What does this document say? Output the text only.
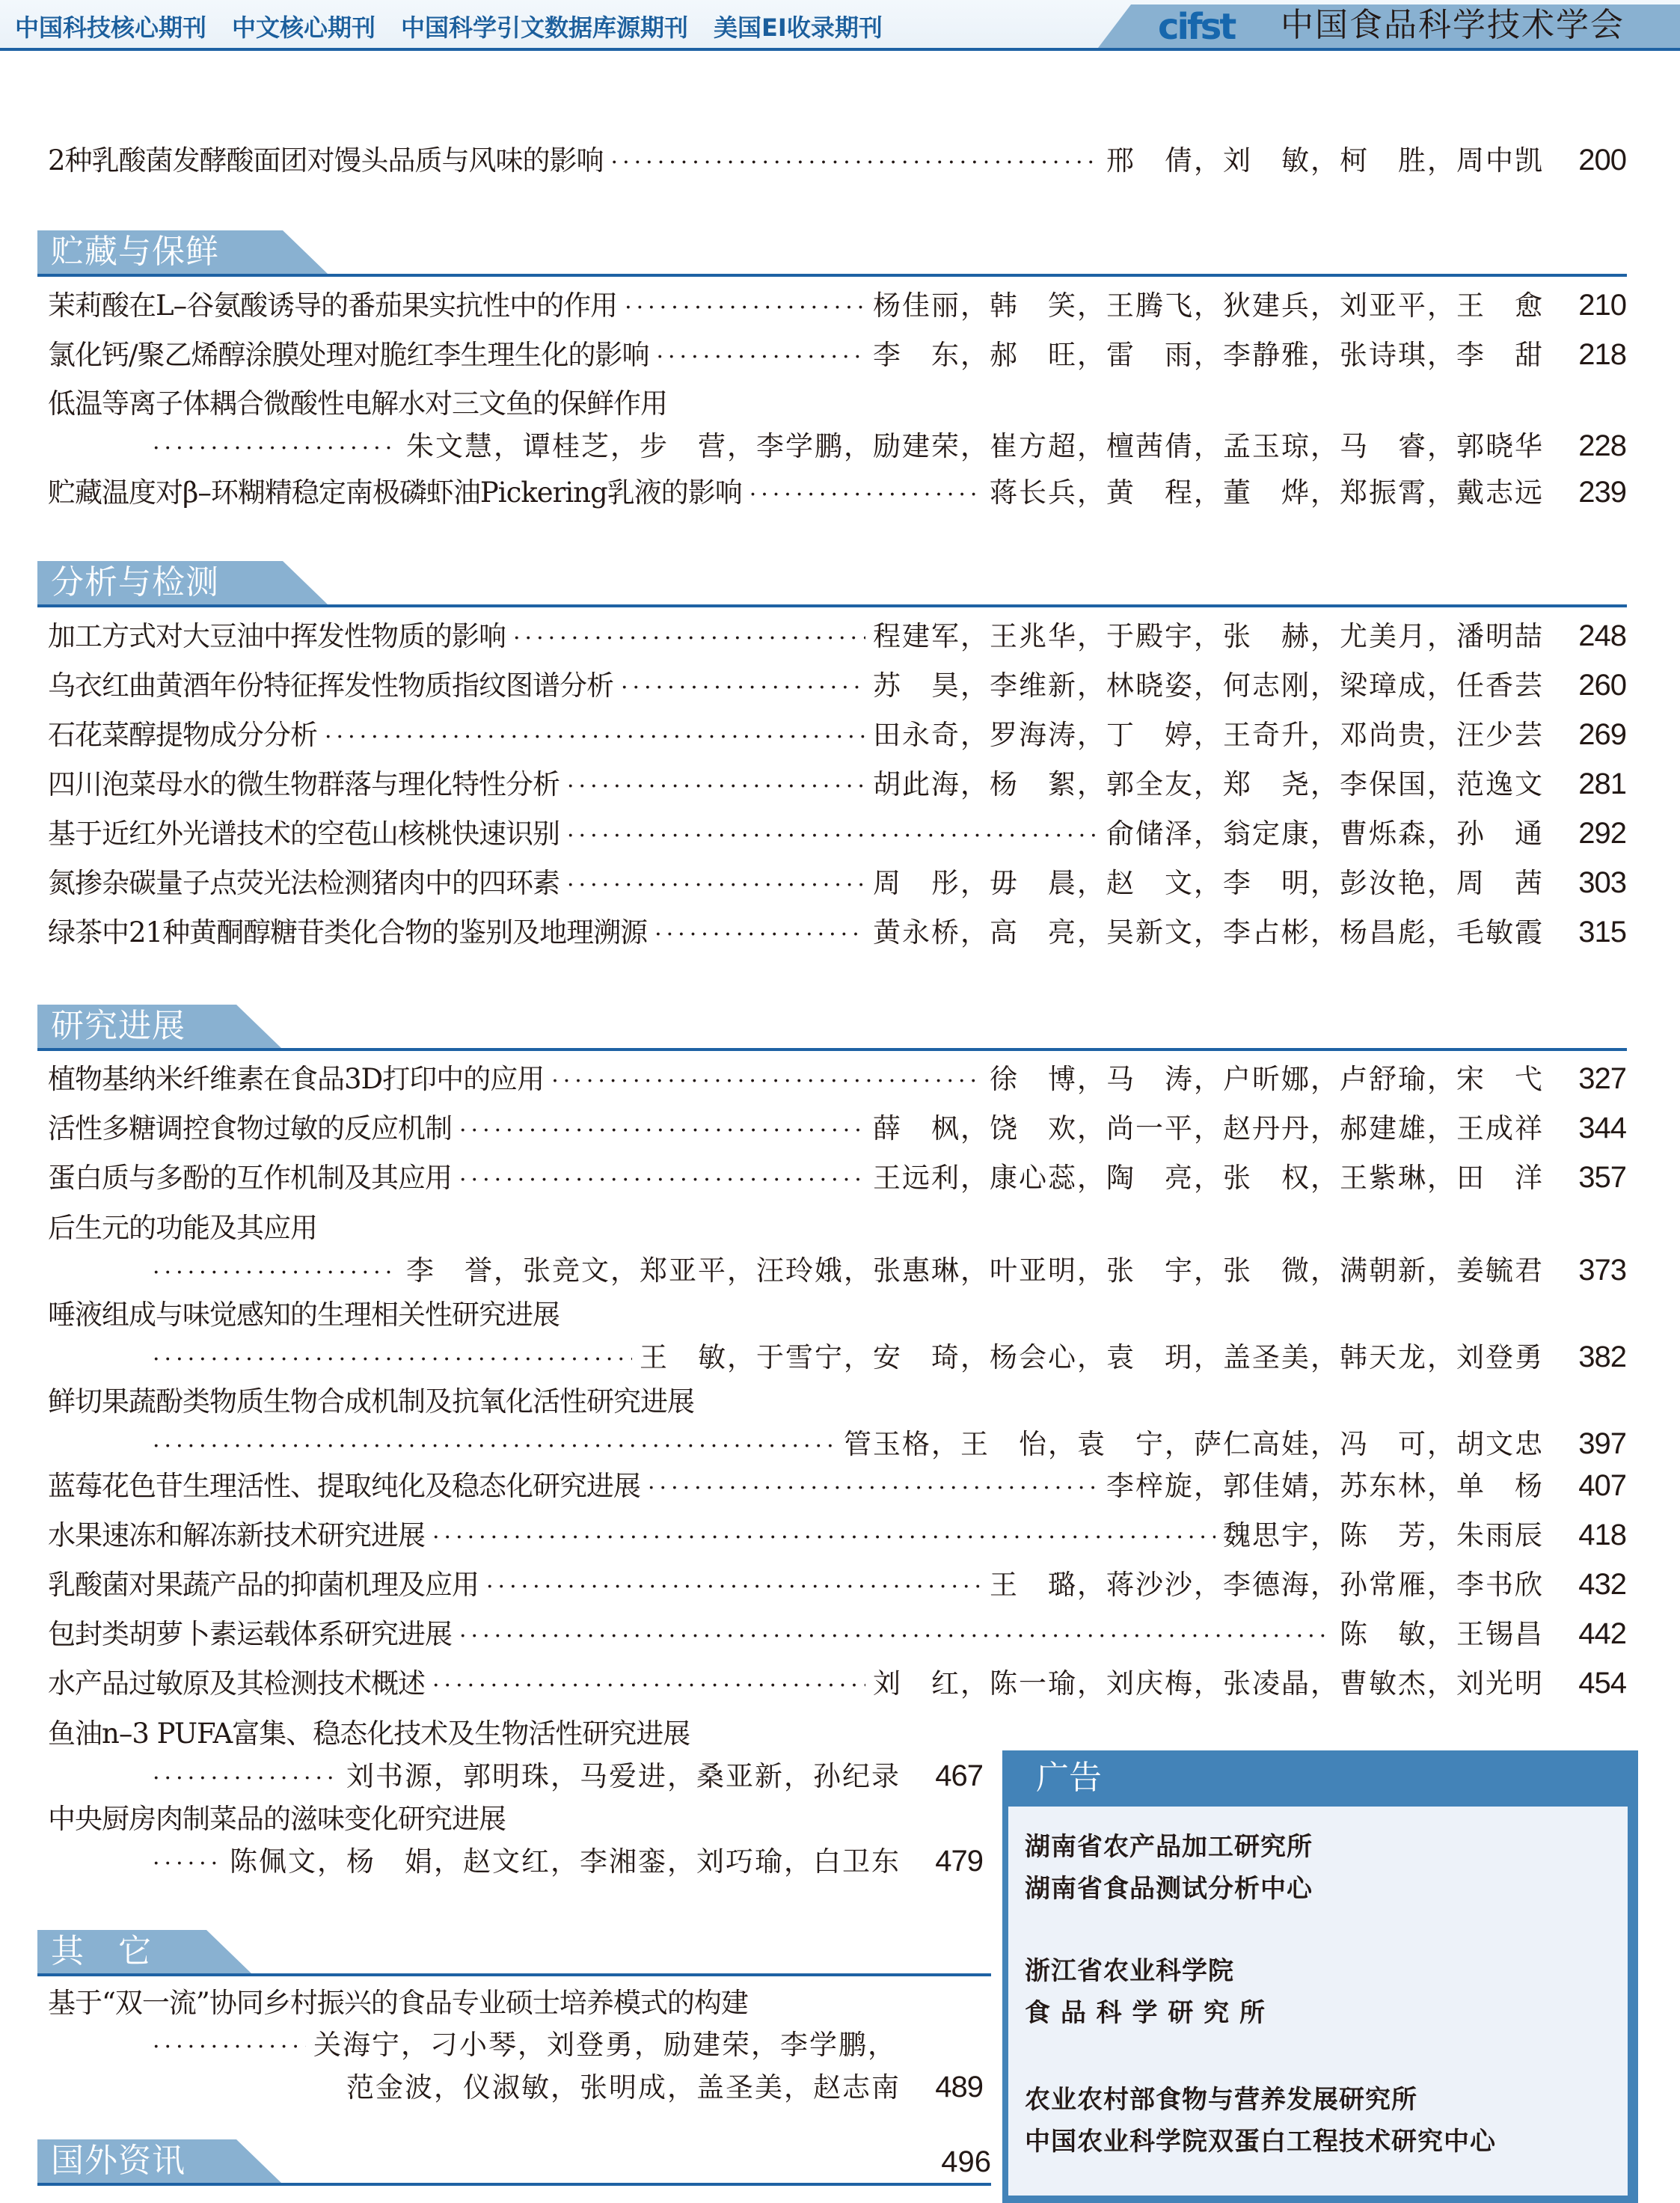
中国科技核心期刊 中文核心期刊 中国科学引文数据库源期刊 美国EI收录期刊	cifst 中国食品科学技术学会
2种乳酸菌发酵酸面团对馒头品质与风味的影响 ·····	邢　倩，刘　敏，柯　胜，周中凯	200
贮藏与保鲜
茉莉酸在L–谷氨酸诱导的番茄果实抗性中的作用 ·····	杨佳丽，韩　笑，王腾飞，狄建兵，刘亚平，王　愈	210
氯化钙/聚乙烯醇涂膜处理对脆红李生理生化的影响 ·····	李　东，郝　旺，雷　雨，李静雅，张诗琪，李　甜	218
低温等离子体耦合微酸性电解水对三文鱼的保鲜作用
·····
朱文慧，谭桂芝，步　营，李学鹏，励建荣，崔方超，檀茜倩，孟玉琼，马　睿，郭晓华	228
贮藏温度对β–环糊精稳定南极磷虾油Pickering乳液的影响 ·····	蒋长兵，黄　程，董　烨，郑振霄，戴志远	239
分析与检测
加工方式对大豆油中挥发性物质的影响 ·····	程建军，王兆华，于殿宇，张　赫，尤美月，潘明喆	248
乌衣红曲黄酒年份特征挥发性物质指纹图谱分析 ·····	苏　昊，李维新，林晓姿，何志刚，梁璋成，任香芸	260
石花菜醇提物成分分析 ·····	田永奇，罗海涛，丁　婷，王奇升，邓尚贵，汪少芸	269
四川泡菜母水的微生物群落与理化特性分析 ·····	胡此海，杨　絮，郭全友，郑　尧，李保国，范逸文	281
基于近红外光谱技术的空苞山核桃快速识别 ·····	俞储泽，翁定康，曹烁森，孙　通	292
氮掺杂碳量子点荧光法检测猪肉中的四环素 ·····	周　彤，毋　晨，赵　文，李　明，彭汝艳，周　茜	303
绿茶中21种黄酮醇糖苷类化合物的鉴别及地理溯源 ·····	黄永桥，高　亮，吴新文，李占彬，杨昌彪，毛敏霞	315
研究进展
植物基纳米纤维素在食品3D打印中的应用 ·····	徐　博，马　涛，户昕娜，卢舒瑜，宋　弋	327
活性多糖调控食物过敏的反应机制 ·····	薛　枫，饶　欢，尚一平，赵丹丹，郝建雄，王成祥	344
蛋白质与多酚的互作机制及其应用 ·····	王远利，康心蕊，陶　亮，张　权，王紫琳，田　洋	357
后生元的功能及其应用
·····
李　誉，张竞文，郑亚平，汪玲娥，张惠琳，叶亚明，张　宇，张　微，满朝新，姜毓君	373
唾液组成与味觉感知的生理相关性研究进展
·····
王　敏，于雪宁，安　琦，杨会心，袁　玥，盖圣美，韩天龙，刘登勇	382
鲜切果蔬酚类物质生物合成机制及抗氧化活性研究进展
·····
管玉格，王　怡，袁　宁，萨仁高娃，冯　可，胡文忠	397
蓝莓花色苷生理活性、提取纯化及稳态化研究进展 ·····	李梓旋，郭佳婧，苏东林，单　杨	407
水果速冻和解冻新技术研究进展 ·····	魏思宇，陈　芳，朱雨辰	418
乳酸菌对果蔬产品的抑菌机理及应用 ·····	王　璐，蒋沙沙，李德海，孙常雁，李书欣	432
包封类胡萝卜素运载体系研究进展 ·····	陈　敏，王锡昌	442
水产品过敏原及其检测技术概述 ·····	刘　红，陈一瑜，刘庆梅，张凌晶，曹敏杰，刘光明	454
鱼油n–3 PUFA富集、稳态化技术及生物活性研究进展
·····
刘书源，郭明珠，马爱进，桑亚新，孙纪录	467
中央厨房肉制菜品的滋味变化研究进展
·····
陈佩文，杨　娟，赵文红，李湘銮，刘巧瑜，白卫东	479
其　它
基于“双一流”协同乡村振兴的食品专业硕士培养模式的构建
·····
关海宁，刁小琴，刘登勇，励建荣，李学鹏，
范金波，仪淑敏，张明成，盖圣美，赵志南	489
国外资讯	496
广告
湖南省农产品加工研究所
湖南省食品测试分析中心
浙江省农业科学院
食 品 科 学 研 究 所
农业农村部食物与营养发展研究所
中国农业科学院双蛋白工程技术研究中心
